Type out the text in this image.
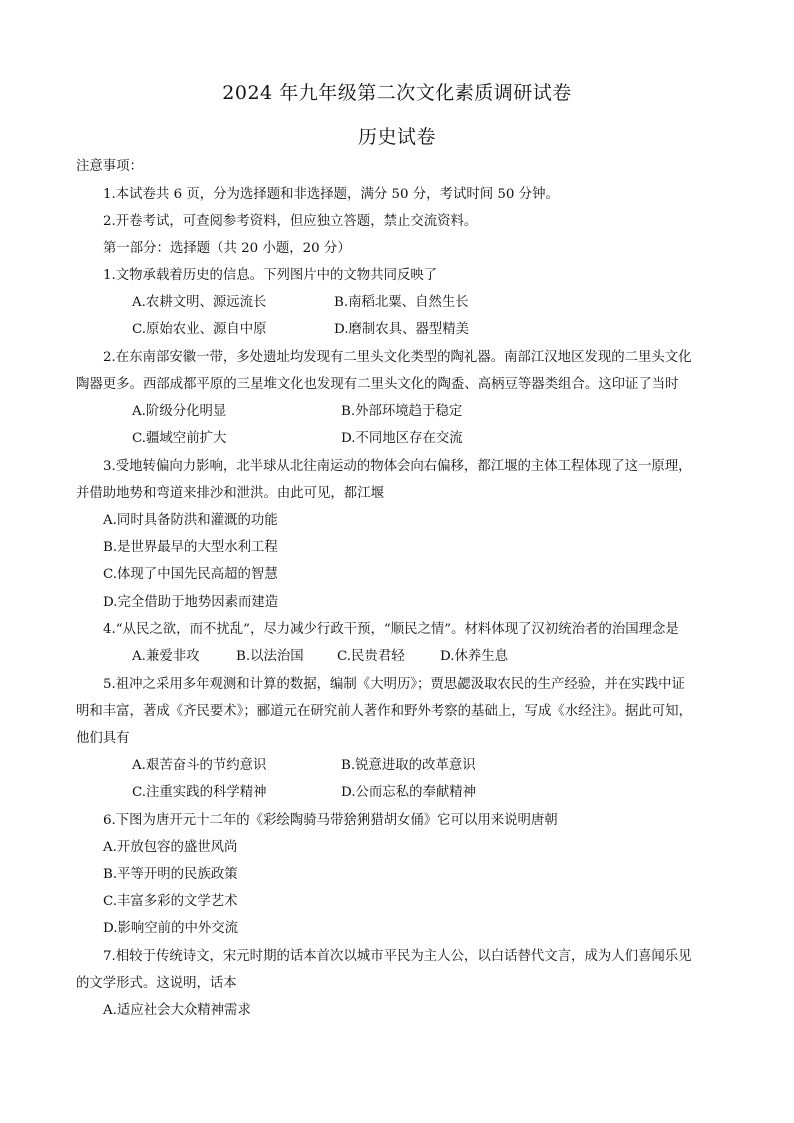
2024 年九年级第二次文化素质调研试卷
历史试卷
注意事项：
1.本试卷共 6 页，分为选择题和非选择题，满分 50 分，考试时间 50 分钟。
2.开卷考试，可查阅参考资料，但应独立答题，禁止交流资料。
第一部分：选择题（共 20 小题，20 分）
1.文物承载着历史的信息。下列图片中的文物共同反映了
A.农耕文明、源远流长	B.南稻北粟、自然生长
C.原始农业、源自中原	D.磨制农具、器型精美
2.在东南部安徽一带，多处遗址均发现有二里头文化类型的陶礼器。南部江汉地区发现的二里头文化
陶器更多。西部成都平原的三星堆文化也发现有二里头文化的陶盉、高柄豆等器类组合。这印证了当时
A.阶级分化明显	B.外部环境趋于稳定
C.疆域空前扩大	D.不同地区存在交流
3.受地转偏向力影响，北半球从北往南运动的物体会向右偏移，都江堰的主体工程体现了这一原理，
并借助地势和弯道来排沙和泄洪。由此可见，都江堰
A.同时具备防洪和灌溉的功能
B.是世界最早的大型水利工程
C.体现了中国先民高超的智慧
D.完全借助于地势因素而建造
4.“从民之欲，而不扰乱”，尽力减少行政干预，“顺民之情”。材料体现了汉初统治者的治国理念是
A.兼爱非攻	B.以法治国 C.民贵君轻	D.休养生息
5.祖冲之采用多年观测和计算的数据，编制《大明历》；贾思勰汲取农民的生产经验，并在实践中证
明和丰富，著成《齐民要术》；郦道元在研究前人著作和野外考察的基础上，写成《水经注》。据此可知，
他们具有
A.艰苦奋斗的节约意识	B.锐意进取的改革意识
C.注重实践的科学精神	D.公而忘私的奉献精神
6.下图为唐开元十二年的《彩绘陶骑马带猞猁猎胡女俑》它可以用来说明唐朝
A.开放包容的盛世风尚
B.平等开明的民族政策
C.丰富多彩的文学艺术
D.影响空前的中外交流
7.相较于传统诗文，宋元时期的话本首次以城市平民为主人公，以白话替代文言，成为人们喜闻乐见
的文学形式。这说明，话本
A.适应社会大众精神需求
